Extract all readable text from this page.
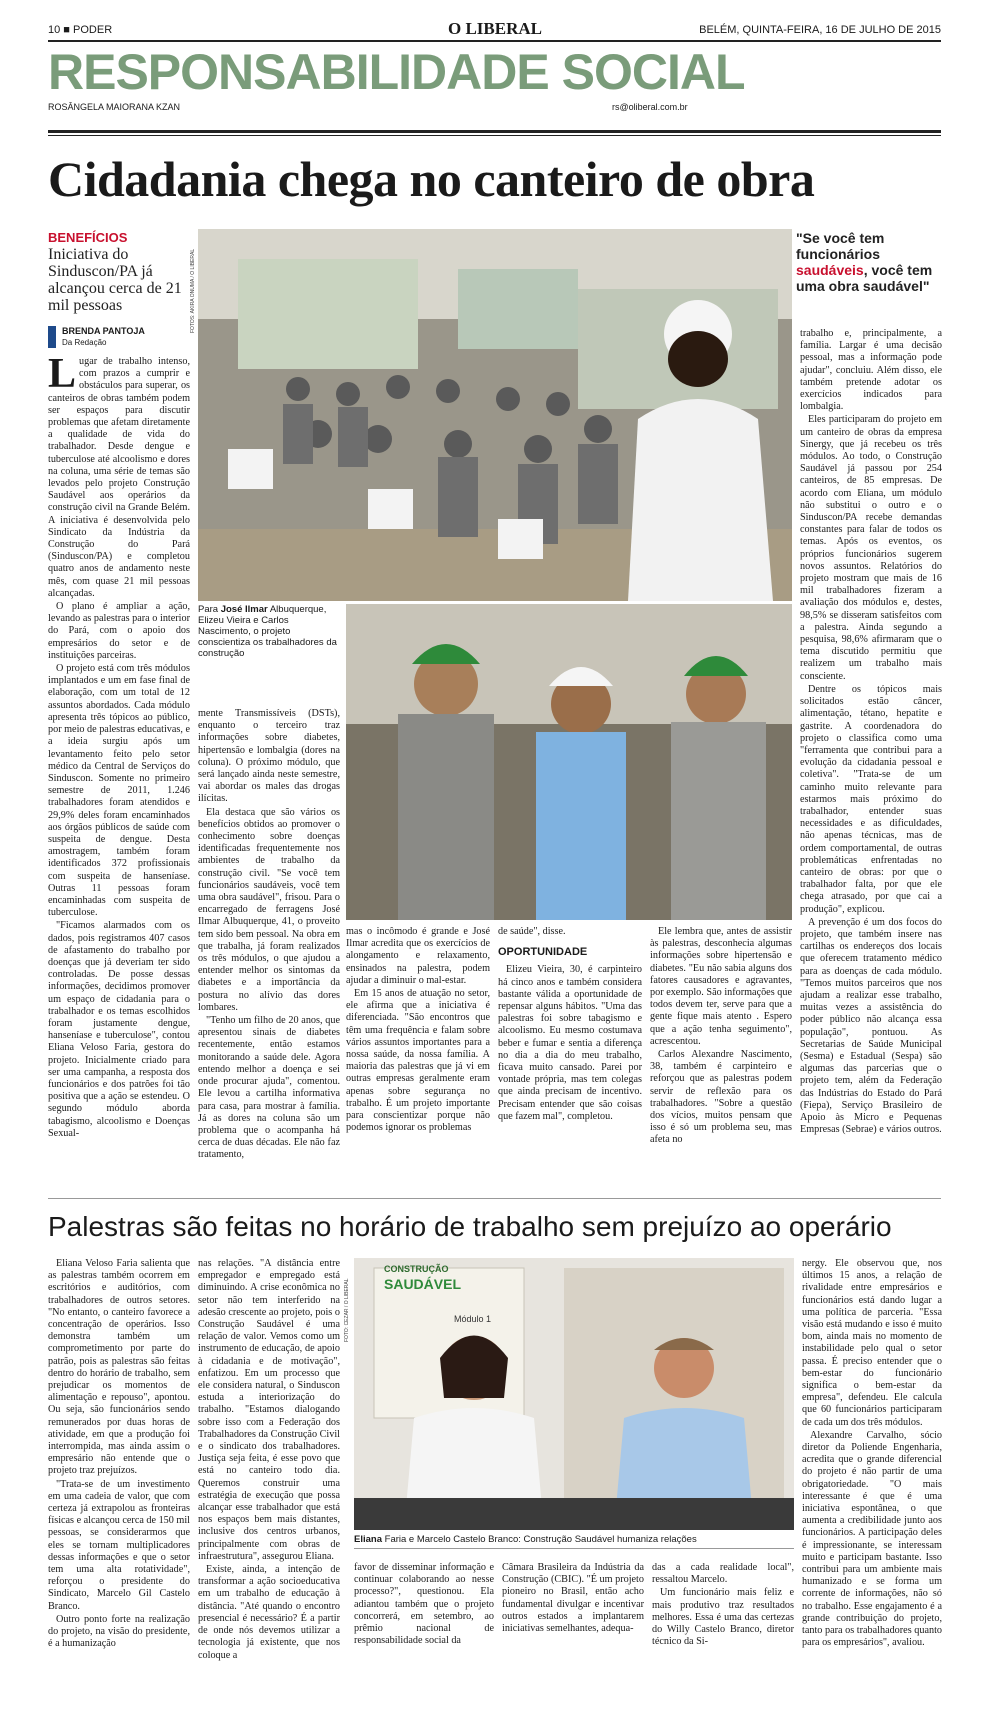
10 ■ PODER	O LIBERAL	BELÉM, QUINTA-FEIRA, 16 DE JULHO DE 2015
RESPONSABILIDADE SOCIAL
ROSÂNGELA MAIORANA KZAN	rs@oliberal.com.br
Cidadania chega no canteiro de obra
BENEFÍCIOS
Iniciativa do Sinduscon/PA já alcançou cerca de 21 mil pessoas
BRENDA PANTOJA
Da Redação

Lugar de trabalho intenso, com prazos a cumprir e obstáculos para superar, os canteiros de obras também podem ser espaços para discutir problemas que afetam diretamente a qualidade de vida do trabalhador. Desde dengue e tuberculose até alcoolismo e dores na coluna, uma série de temas são levados pelo projeto Construção Saudável aos operários da construção civil na Grande Belém. A iniciativa é desenvolvida pelo Sindicato da Indústria da Construção do Pará (Sinduscon/PA) e completou quatro anos de andamento neste mês, com quase 21 mil pessoas alcançadas.

O plano é ampliar a ação, levando as palestras para o interior do Pará, com o apoio dos empresários do setor e de instituições parceiras.

O projeto está com três módulos implantados e um em fase final de elaboração, com um total de 12 assuntos abordados. Cada módulo apresenta três tópicos ao público, por meio de palestras educativas, e a ideia surgiu após um levantamento feito pelo setor médico da Central de Serviços do Sinduscon. Somente no primeiro semestre de 2011, 1.246 trabalhadores foram atendidos e 29,9% deles foram encaminhados aos órgãos públicos de saúde com suspeita de dengue. Desta amostragem, também foram identificados 372 profissionais com suspeita de hanseníase. Outras 11 pessoas foram encaminhadas com suspeita de tuberculose.

"Ficamos alarmados com os dados, pois registramos 407 casos de afastamento do trabalho por doenças que já deveriam ter sido controladas. De posse dessas informações, decidimos promover um espaço de cidadania para o trabalhador e os temas escolhidos foram justamente dengue, hanseníase e tuberculose", contou Eliana Veloso Faria, gestora do projeto. Inicialmente criado para ser uma campanha, a resposta dos funcionários e dos patrões foi tão positiva que a ação se estendeu. O segundo módulo aborda tabagismo, alcoolismo e Doenças Sexual-

FOTOS: AKIRA ONUMA / O LIBERAL
Para José Ilmar Albuquerque, Elizeu Vieira e Carlos Nascimento, o projeto conscientiza os trabalhadores da construção

mente Transmissíveis (DSTs), enquanto o terceiro traz informações sobre diabetes, hipertensão e lombalgia (dores na coluna). O próximo módulo, que será lançado ainda neste semestre, vai abordar os males das drogas ilícitas.

Ela destaca que são vários os benefícios obtidos ao promover o conhecimento sobre doenças identificadas frequentemente nos ambientes de trabalho da construção civil. "Se você tem funcionários saudáveis, você tem uma obra saudável", frisou. Para o encarregado de ferragens José Ilmar Albuquerque, 41, o proveito tem sido bem pessoal. Na obra em que trabalha, já foram realizados os três módulos, o que ajudou a entender melhor os sintomas da diabetes e a importância da postura no alívio das dores lombares.

"Tenho um filho de 20 anos, que apresentou sinais de diabetes recentemente, então estamos monitorando a saúde dele. Agora entendo melhor a doença e sei onde procurar ajuda", comentou. Ele levou a cartilha informativa para casa, para mostrar à família. Já as dores na coluna são um problema que o acompanha há cerca de duas décadas. Ele não faz tratamento,

mas o incômodo é grande e José Ilmar acredita que os exercícios de alongamento e relaxamento, ensinados na palestra, podem ajudar a diminuir o mal-estar.

Em 15 anos de atuação no setor, ele afirma que a iniciativa é diferenciada. "São encontros que têm uma frequência e falam sobre vários assuntos importantes para a nossa saúde, da nossa família. A maioria das palestras que já vi em outras empresas geralmente eram apenas sobre segurança no trabalho. É um projeto importante para conscientizar porque não podemos ignorar os problemas

de saúde", disse.

OPORTUNIDADE

Elizeu Vieira, 30, é carpinteiro há cinco anos e também considera bastante válida a oportunidade de repensar alguns hábitos. "Uma das palestras foi sobre tabagismo e alcoolismo. Eu mesmo costumava beber e fumar e sentia a diferença no dia a dia do meu trabalho, ficava muito cansado. Parei por vontade própria, mas tem colegas que ainda precisam de incentivo. Precisam entender que são coisas que fazem mal", completou.

Ele lembra que, antes de assistir às palestras, desconhecia algumas informações sobre hipertensão e diabetes. "Eu não sabia alguns dos fatores causadores e agravantes, por exemplo. São informações que todos devem ter, serve para que a gente fique mais atento . Espero que a ação tenha seguimento", acrescentou.

Carlos Alexandre Nascimento, 38, também é carpinteiro e reforçou que as palestras podem servir de reflexão para os trabalhadores. "Sobre a questão dos vícios, muitos pensam que isso é só um problema seu, mas afeta no

"Se você tem funcionários saudáveis, você tem uma obra saudável"

trabalho e, principalmente, a família. Largar é uma decisão pessoal, mas a informação pode ajudar", concluiu. Além disso, ele também pretende adotar os exercícios indicados para lombalgia.

Eles participaram do projeto em um canteiro de obras da empresa Sinergy, que já recebeu os três módulos. Ao todo, o Construção Saudável já passou por 254 canteiros, de 85 empresas. De acordo com Eliana, um módulo não substitui o outro e o Sinduscon/PA recebe demandas constantes para falar de todos os temas. Após os eventos, os próprios funcionários sugerem novos assuntos. Relatórios do projeto mostram que mais de 16 mil trabalhadores fizeram a avaliação dos módulos e, destes, 98,5% se disseram satisfeitos com a palestra. Ainda segundo a pesquisa, 98,6% afirmaram que o tema discutido permitiu que realizem um trabalho mais consciente.

Dentre os tópicos mais solicitados estão câncer, alimentação, tétano, hepatite e gastrite. A coordenadora do projeto o classifica como uma "ferramenta que contribui para a evolução da cidadania pessoal e coletiva". "Trata-se de um caminho muito relevante para estarmos mais próximo do trabalhador, entender suas necessidades e as dificuldades, não apenas técnicas, mas de ordem comportamental, de outras problemáticas enfrentadas no canteiro de obras: por que o trabalhador falta, por que ele chega atrasado, por que cai a produção", explicou.

A prevenção é um dos focos do projeto, que também insere nas cartilhas os endereços dos locais que oferecem tratamento médico para as doenças de cada módulo. "Temos muitos parceiros que nos ajudam a realizar esse trabalho, muitas vezes a assistência do poder público não alcança essa população", pontuou. As Secretarias de Saúde Municipal (Sesma) e Estadual (Sespa) são algumas das parcerias que o projeto tem, além da Federação das Indústrias do Estado do Pará (Fiepa), Serviço Brasileiro de Apoio às Micro e Pequenas Empresas (Sebrae) e vários outros.

Palestras são feitas no horário de trabalho sem prejuízo ao operário

Eliana Veloso Faria salienta que as palestras também ocorrem em escritórios e auditórios, com trabalhadores de outros setores. "No entanto, o canteiro favorece a concentração de operários. Isso demonstra também um comprometimento por parte do patrão, pois as palestras são feitas dentro do horário de trabalho, sem prejudicar os momentos de alimentação e repouso", apontou. Ou seja, são funcionários sendo remunerados por duas horas de atividade, em que a produção foi interrompida, mas ainda assim o empresário não entende que o projeto traz prejuízos.

"Trata-se de um investimento em uma cadeia de valor, que com certeza já extrapolou as fronteiras físicas e alcançou cerca de 150 mil pessoas, se considerarmos que eles se tornam multiplicadores dessas informações e que o setor tem uma alta rotatividade", reforçou o presidente do Sindicato, Marcelo Gil Castelo Branco.

Outro ponto forte na realização do projeto, na visão do presidente, é a humanização

nas relações. "A distância entre empregador e empregado está diminuindo. A crise econômica no setor não tem interferido na adesão crescente ao projeto, pois o Construção Saudável é uma relação de valor. Vemos como um instrumento de educação, de apoio à cidadania e de motivação", enfatizou. Em um processo que ele considera natural, o Sinduscon estuda a interiorização do trabalho. "Estamos dialogando sobre isso com a Federação dos Trabalhadores da Construção Civil e o sindicato dos trabalhadores. Justiça seja feita, é esse povo que está no canteiro todo dia. Queremos construir uma estratégia de execução que possa alcançar esse trabalhador que está nos espaços bem mais distantes, inclusive dos centros urbanos, principalmente com obras de infraestrutura", assegurou Eliana.

Existe, ainda, a intenção de transformar a ação socioeducativa em um trabalho de educação à distância. "Até quando o encontro presencial é necessário? É a partir de onde nós devemos utilizar a tecnologia já existente, que nos coloque a

CONSTRUÇÃO
SAUDÁVEL
Módulo 1
FOTO: CEZAR / O LIBERAL
Eliana Faria e Marcelo Castelo Branco: Construção Saudável humaniza relações

favor de disseminar informação e continuar colaborando ao nesse processo?", questionou. Ela adiantou também que o projeto concorrerá, em setembro, ao prêmio nacional de responsabilidade social da

Câmara Brasileira da Indústria da Construção (CBIC). "É um projeto pioneiro no Brasil, então acho fundamental divulgar e incentivar outros estados a implantarem iniciativas semelhantes, adequa-

das a cada realidade local", ressaltou Marcelo.

Um funcionário mais feliz e mais produtivo traz resultados melhores. Essa é uma das certezas do Willy Castelo Branco, diretor técnico da Si-

nergy. Ele observou que, nos últimos 15 anos, a relação de rivalidade entre empresários e funcionários está dando lugar a uma política de parceria. "Essa visão está mudando e isso é muito bom, ainda mais no momento de instabilidade pelo qual o setor passa. É preciso entender que o bem-estar do funcionário significa o bem-estar da empresa", defendeu. Ele calcula que 60 funcionários participaram de cada um dos três módulos.

Alexandre Carvalho, sócio diretor da Poliende Engenharia, acredita que o grande diferencial do projeto é não partir de uma obrigatoriedade. "O mais interessante é que é uma iniciativa espontânea, o que aumenta a credibilidade junto aos funcionários. A participação deles é impressionante, se interessam muito e participam bastante. Isso contribui para um ambiente mais humanizado e se forma um corrente de informações, não só no trabalho. Esse engajamento é a grande contribuição do projeto, tanto para os trabalhadores quanto para os empresários", avaliou.
